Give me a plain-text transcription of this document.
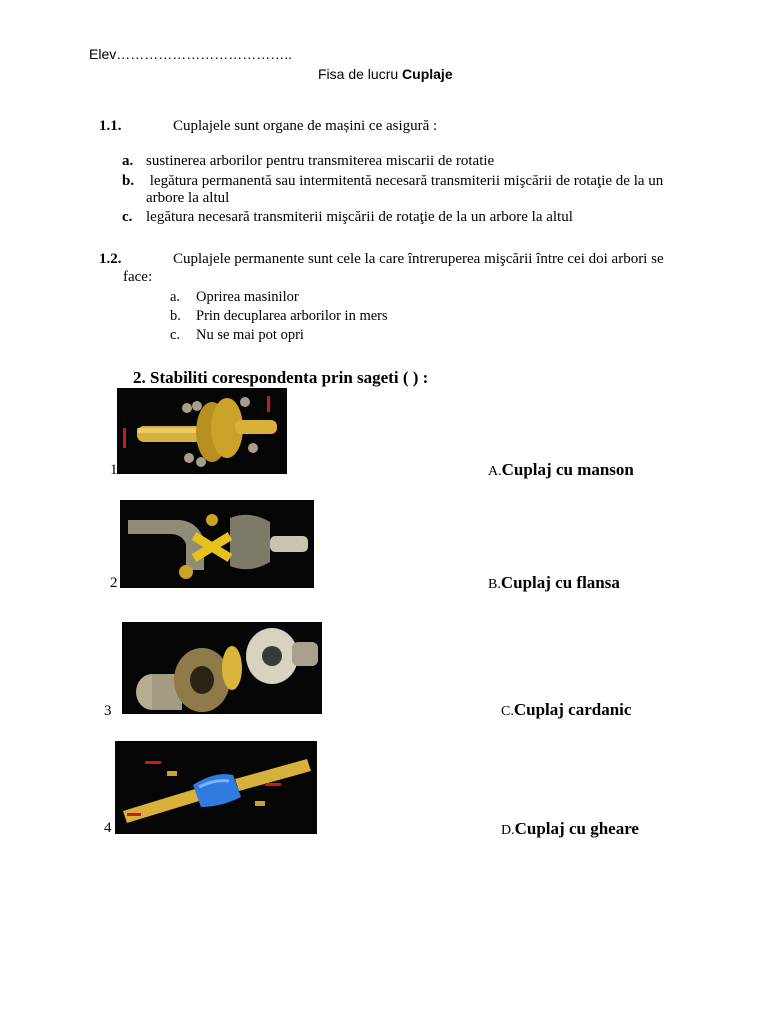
Elev………………………………..
Fisa de lucru Cuplaje
1.1.	Cuplajele sunt organe de mașini ce asigură :
a. sustinerea arborilor pentru transmiterea miscarii de rotatie
b. legătura permanentă sau intermitentă necesară transmiterii mişcării de rotaţie de la un
arbore la altul
c. legătura necesară transmiterii mişcării de rotaţie de la un arbore la altul
1.2.	Cuplajele permanente sunt cele la care întreruperea mişcării între cei doi arbori se
face:
a. Oprirea masinilor
b. Prin decuplarea arborilor in mers
c. Nu se mai pot opri
2. Stabiliti corespondenta prin sageti ( ) :
1	A.Cuplaj cu manson
2	B.Cuplaj cu flansa
3	C.Cuplaj cardanic
4	D.Cuplaj cu gheare
